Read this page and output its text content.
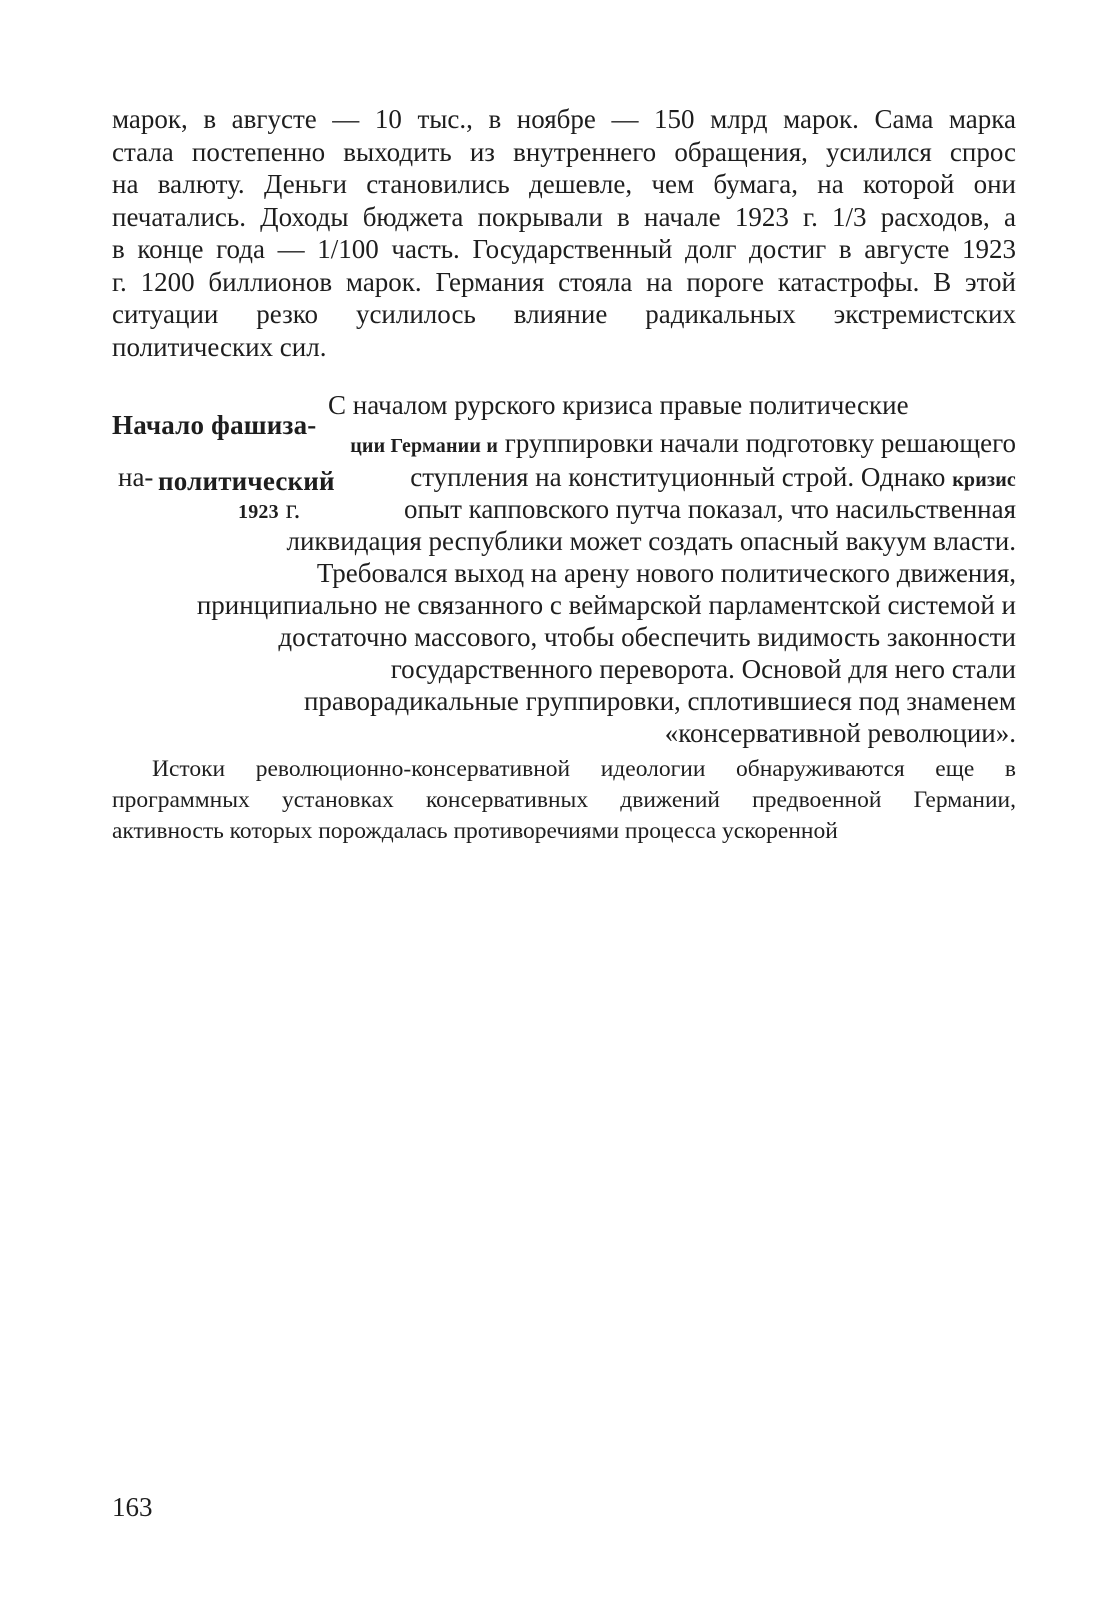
марок, в августе — 10 тыс., в ноябре — 150 млрд марок. Сама марка
стала постепенно выходить из внутреннего обращения, усилился спрос
на валюту. Деньги становились дешевле, чем бумага, на которой они
печатались. Доходы бюджета покрывали в начале 1923 г. 1/3 расходов, а
в конце года — 1/100 часть. Государственный долг достиг в августе 1923
г. 1200 биллионов марок. Германия стояла на пороге катастрофы. В этой
ситуации резко усилилось влияние радикальных экстремистских
политических сил.
Начало фашиза-
С началом рурского кризиса правые политические
ции Германии и группировки начали подготовку решающего
на- политический	ступления на конституционный строй. Однако кризис
1923 г.	опыт капповского путча показал, что насильственная
ликвидация республики может создать опасный вакуум власти.
Требовался выход на арену нового политического движения,
принципиально не связанного с веймарской парламентской системой и
достаточно массового, чтобы обеспечить видимость законности
государственного переворота. Основой для него стали
праворадикальные группировки, сплотившиеся под знаменем
«консервативной революции».
Истоки революционно-консервативной идеологии обнаруживаются еще в
программных установках консервативных движений предвоенной Германии,
активность которых порождалась противоречиями процесса ускоренной
163
